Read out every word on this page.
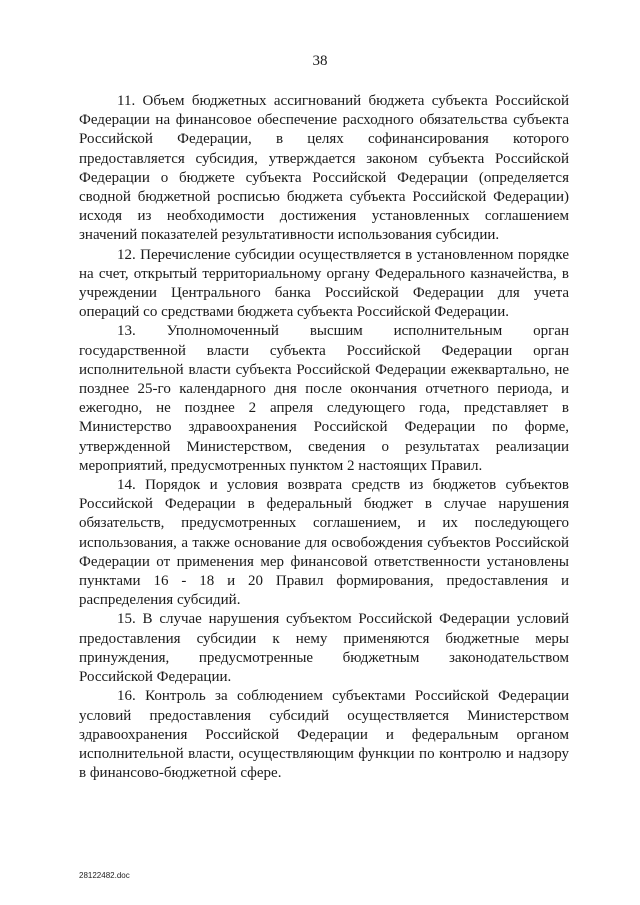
38

11. Объем бюджетных ассигнований бюджета субъекта Российской Федерации на финансовое обеспечение расходного обязательства субъекта Российской Федерации, в целях софинансирования которого предоставляется субсидия, утверждается законом субъекта Российской Федерации о бюджете субъекта Российской Федерации (определяется сводной бюджетной росписью бюджета субъекта Российской Федерации) исходя из необходимости достижения установленных соглашением значений показателей результативности использования субсидии.

12. Перечисление субсидии осуществляется в установленном порядке на счет, открытый территориальному органу Федерального казначейства, в учреждении Центрального банка Российской Федерации для учета операций со средствами бюджета субъекта Российской Федерации.

13. Уполномоченный высшим исполнительным орган государственной власти субъекта Российской Федерации орган исполнительной власти субъекта Российской Федерации ежеквартально, не позднее 25-го календарного дня после окончания отчетного периода, и ежегодно, не позднее 2 апреля следующего года, представляет в Министерство здравоохранения Российской Федерации по форме, утвержденной Министерством, сведения о результатах реализации мероприятий, предусмотренных пунктом 2 настоящих Правил.

14. Порядок и условия возврата средств из бюджетов субъектов Российской Федерации в федеральный бюджет в случае нарушения обязательств, предусмотренных соглашением, и их последующего использования, а также основание для освобождения субъектов Российской Федерации от применения мер финансовой ответственности установлены пунктами 16 - 18 и 20 Правил формирования, предоставления и распределения субсидий.

15. В случае нарушения субъектом Российской Федерации условий предоставления субсидии к нему применяются бюджетные меры принуждения, предусмотренные бюджетным законодательством Российской Федерации.

16. Контроль за соблюдением субъектами Российской Федерации условий предоставления субсидий осуществляется Министерством здравоохранения Российской Федерации и федеральным органом исполнительной власти, осуществляющим функции по контролю и надзору в финансово-бюджетной сфере.

28122482.doc
